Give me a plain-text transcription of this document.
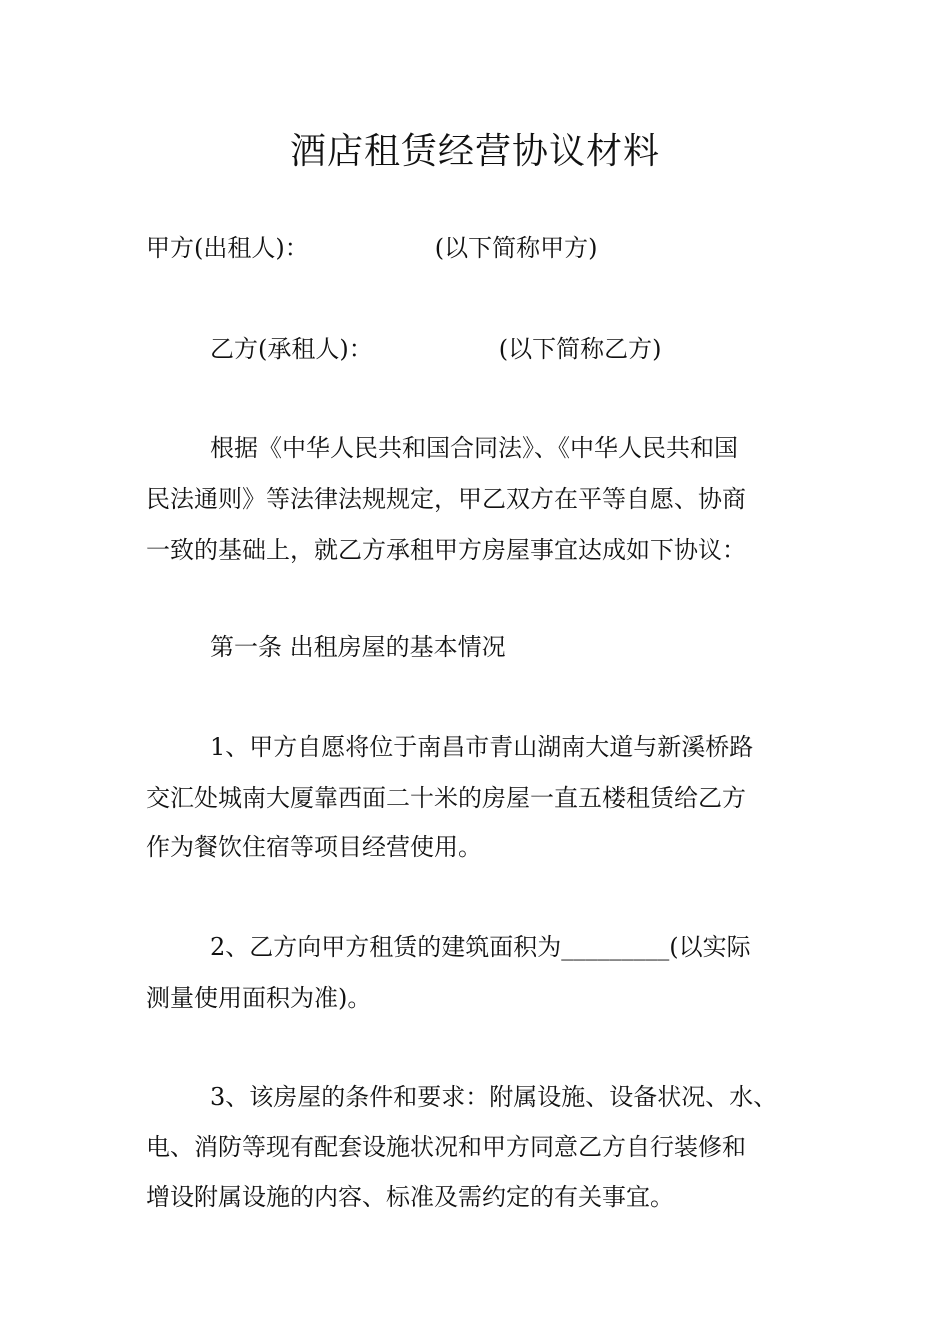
酒店租赁经营协议材料
甲方(出租人)：	(以下简称甲方)
乙方(承租人)：	(以下简称乙方)
根据《中华人民共和国合同法》、《中华人民共和国
民法通则》等法律法规规定，甲乙双方在平等自愿、协商
一致的基础上，就乙方承租甲方房屋事宜达成如下协议：
第一条 出租房屋的基本情况
1、甲方自愿将位于南昌市青山湖南大道与新溪桥路
交汇处城南大厦靠西面二十米的房屋一直五楼租赁给乙方
作为餐饮住宿等项目经营使用。
2、乙方向甲方租赁的建筑面积为_________(以实际
测量使用面积为准)。
3、该房屋的条件和要求：附属设施、设备状况、水、
电、消防等现有配套设施状况和甲方同意乙方自行装修和
增设附属设施的内容、标准及需约定的有关事宜。
